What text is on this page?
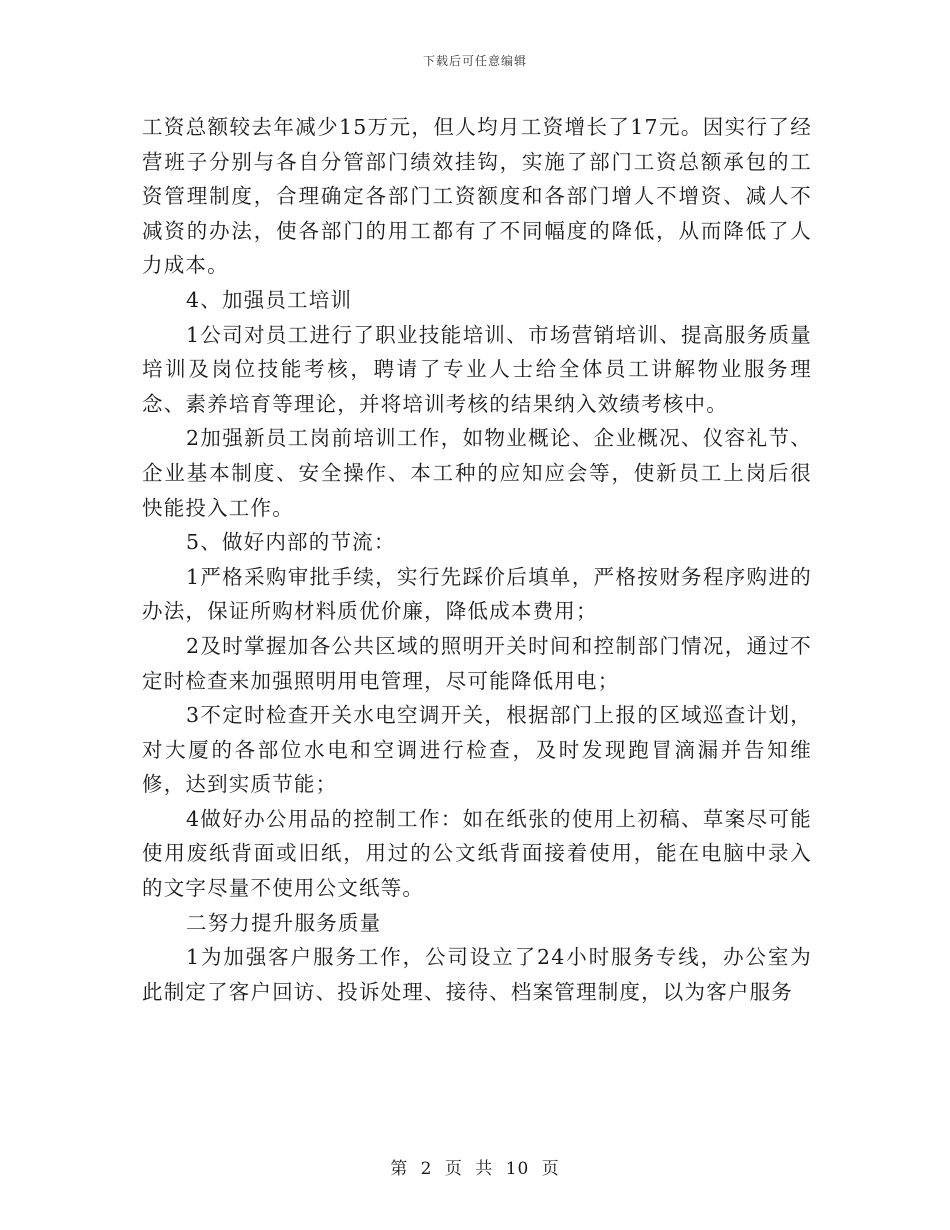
下载后可任意编辑

工资总额较去年减少15万元，但人均月工资增长了17元。因实行了经营班子分别与各自分管部门绩效挂钩，实施了部门工资总额承包的工资管理制度，合理确定各部门工资额度和各部门增人不增资、减人不减资的办法，使各部门的用工都有了不同幅度的降低，从而降低了人力成本。

4、加强员工培训

1公司对员工进行了职业技能培训、市场营销培训、提高服务质量培训及岗位技能考核，聘请了专业人士给全体员工讲解物业服务理念、素养培育等理论，并将培训考核的结果纳入效绩考核中。

2加强新员工岗前培训工作，如物业概论、企业概况、仪容礼节、企业基本制度、安全操作、本工种的应知应会等，使新员工上岗后很快能投入工作。

5、做好内部的节流：

1严格采购审批手续，实行先踩价后填单，严格按财务程序购进的办法，保证所购材料质优价廉，降低成本费用；

2及时掌握加各公共区域的照明开关时间和控制部门情况，通过不定时检查来加强照明用电管理，尽可能降低用电；

3不定时检查开关水电空调开关，根据部门上报的区域巡查计划，对大厦的各部位水电和空调进行检查，及时发现跑冒滴漏并告知维修，达到实质节能；

4做好办公用品的控制工作：如在纸张的使用上初稿、草案尽可能使用废纸背面或旧纸，用过的公文纸背面接着使用，能在电脑中录入的文字尽量不使用公文纸等。

二努力提升服务质量

1为加强客户服务工作，公司设立了24小时服务专线，办公室为此制定了客户回访、投诉处理、接待、档案管理制度，以为客户服务

第 2 页 共 10 页
